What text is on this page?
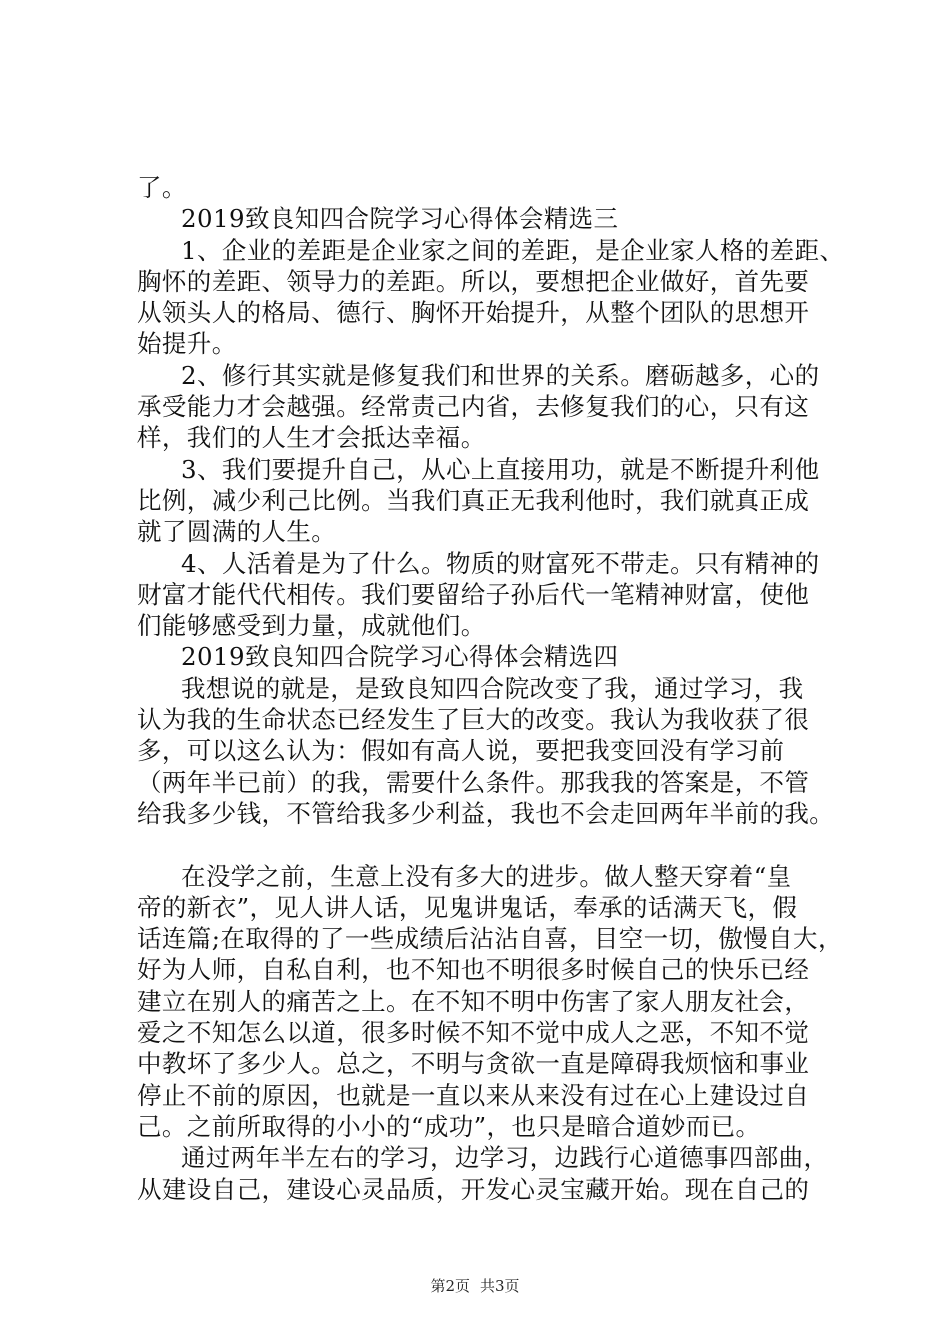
了。
2019致良知四合院学习心得体会精选三
1、企业的差距是企业家之间的差距，是企业家人格的差距、
胸怀的差距、领导力的差距。所以，要想把企业做好，首先要
从领头人的格局、德行、胸怀开始提升，从整个团队的思想开
始提升。
2、修行其实就是修复我们和世界的关系。磨砺越多，心的
承受能力才会越强。经常责己内省，去修复我们的心，只有这
样，我们的人生才会抵达幸福。
3、我们要提升自己，从心上直接用功，就是不断提升利他
比例，减少利己比例。当我们真正无我利他时，我们就真正成
就了圆满的人生。
4、人活着是为了什么。物质的财富死不带走。只有精神的
财富才能代代相传。我们要留给子孙后代一笔精神财富，使他
们能够感受到力量，成就他们。
2019致良知四合院学习心得体会精选四
我想说的就是，是致良知四合院改变了我，通过学习，我
认为我的生命状态已经发生了巨大的改变。我认为我收获了很
多，可以这么认为：假如有高人说，要把我变回没有学习前
（两年半已前）的我，需要什么条件。那我我的答案是，不管
给我多少钱，不管给我多少利益，我也不会走回两年半前的我。
在没学之前，生意上没有多大的进步。做人整天穿着“皇
帝的新衣”，见人讲人话，见鬼讲鬼话，奉承的话满天飞，假
话连篇;在取得的了一些成绩后沾沾自喜，目空一切，傲慢自大，
好为人师，自私自利，也不知也不明很多时候自己的快乐已经
建立在别人的痛苦之上。在不知不明中伤害了家人朋友社会，
爱之不知怎么以道，很多时候不知不觉中成人之恶，不知不觉
中教坏了多少人。总之，不明与贪欲一直是障碍我烦恼和事业
停止不前的原因，也就是一直以来从来没有过在心上建设过自
己。之前所取得的小小的“成功”，也只是暗合道妙而已。
通过两年半左右的学习，边学习，边践行心道德事四部曲，
从建设自己，建设心灵品质，开发心灵宝藏开始。现在自己的
第2页 共3页
